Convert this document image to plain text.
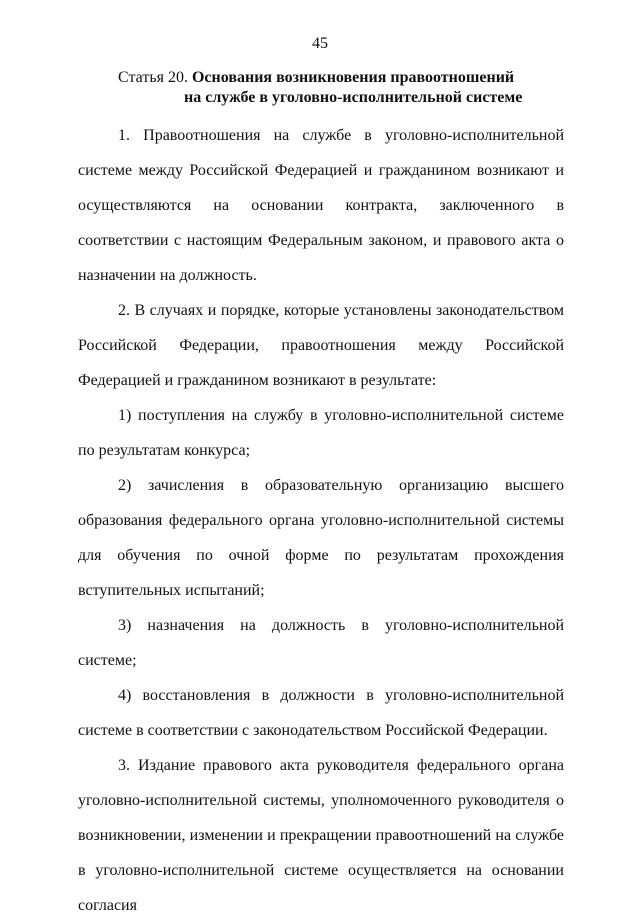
45
Статья 20. Основания возникновения правоотношений
на службе в уголовно-исполнительной системе

1. Правоотношения на службе в уголовно-исполнительной системе между Российской Федерацией и гражданином возникают и осуществляются на основании контракта, заключенного в соответствии с настоящим Федеральным законом, и правового акта о назначении на должность.

2. В случаях и порядке, которые установлены законодательством Российской Федерации, правоотношения между Российской Федерацией и гражданином возникают в результате:

1) поступления на службу в уголовно-исполнительной системе по результатам конкурса;

2) зачисления в образовательную организацию высшего образования федерального органа уголовно-исполнительной системы для обучения по очной форме по результатам прохождения вступительных испытаний;

3) назначения на должность в уголовно-исполнительной системе;

4) восстановления в должности в уголовно-исполнительной системе в соответствии с законодательством Российской Федерации.

3. Издание правового акта руководителя федерального органа уголовно-исполнительной системы, уполномоченного руководителя о возникновении, изменении и прекращении правоотношений на службе в уголовно-исполнительной системе осуществляется на основании согласия
